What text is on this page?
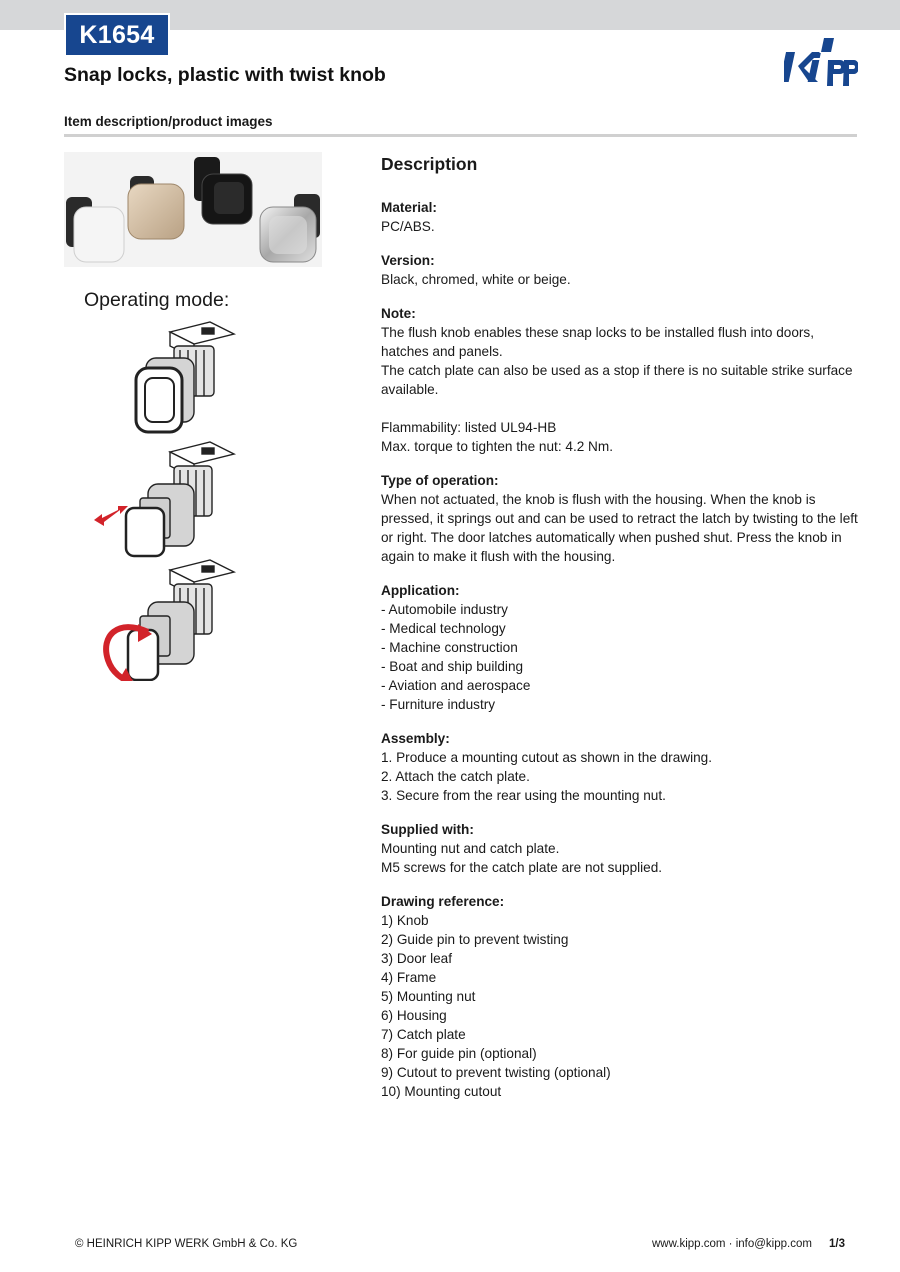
K1654
Snap locks, plastic with twist knob
Kipp
Item description/product images
Operating mode:
Description
Material:
PC/ABS.
Version:
Black, chromed, white or beige.
Note:
The flush knob enables these snap locks to be installed flush into doors, hatches and panels.
The catch plate can also be used as a stop if there is no suitable strike surface available.
Flammability: listed UL94-HB
Max. torque to tighten the nut: 4.2 Nm.
Type of operation:
When not actuated, the knob is flush with the housing. When the knob is pressed, it springs out and can be used to retract the latch by twisting to the left or right. The door latches automatically when pushed shut. Press the knob in again to make it flush with the housing.
Application:
- Automobile industry
- Medical technology
- Machine construction
- Boat and ship building
- Aviation and aerospace
- Furniture industry
Assembly:
1. Produce a mounting cutout as shown in the drawing.
2. Attach the catch plate.
3. Secure from the rear using the mounting nut.
Supplied with:
Mounting nut and catch plate.
M5 screws for the catch plate are not supplied.
Drawing reference:
1) Knob
2) Guide pin to prevent twisting
3) Door leaf
4) Frame
5) Mounting nut
6) Housing
7) Catch plate
8) For guide pin (optional)
9) Cutout to prevent twisting (optional)
10) Mounting cutout
© HEINRICH KIPP WERK GmbH & Co. KG	www.kipp.com · info@kipp.com 1/3
